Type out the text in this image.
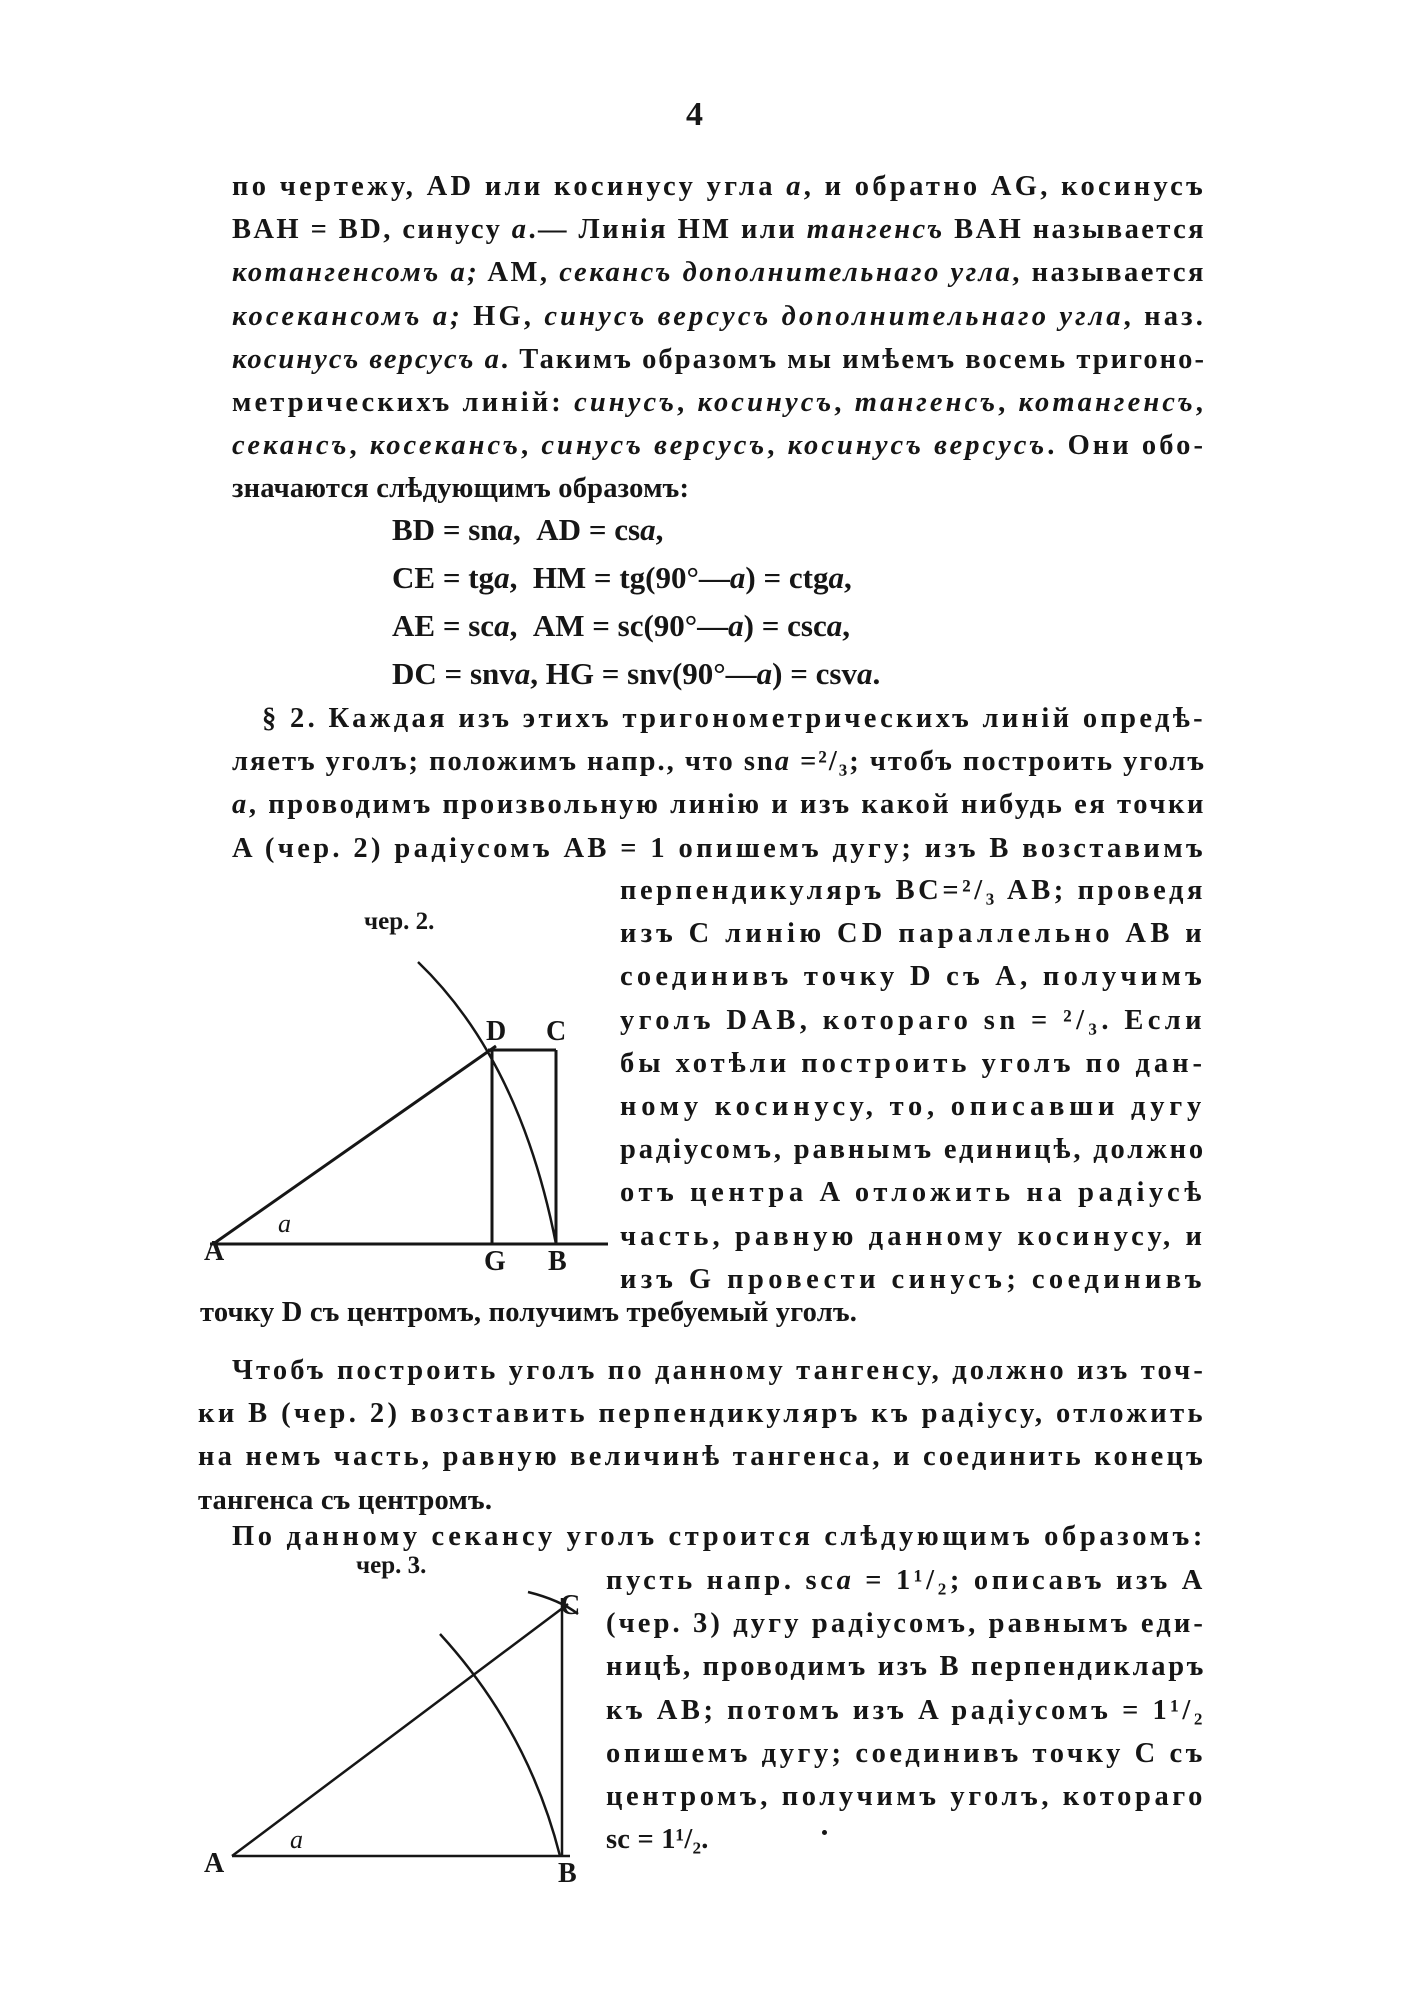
4
по чертежу, AD или косинусу угла a, и обратно AG, косинусъ
BAH = BD, синусу a.— Линія HM или тангенсъ BAH называется
котангенсомъ a; AM, секансъ дополнительнаго угла, называется
косекансомъ a; HG, синусъ версусъ дополнительнаго угла, наз.
косинусъ версусъ a. Такимъ образомъ мы имѣемъ восемь тригоно-
метрическихъ линій: синусъ, косинусъ, тангенсъ, котангенсъ,
секансъ, косекансъ, синусъ версусъ, косинусъ версусъ. Они обо-
значаются слѣдующимъ образомъ:
BD = sna,  AD = csa,
CE = tga,  HM = tg(90°—a) = ctga,
AE = sca,  AM = sc(90°—a) = csca,
DC = snva, HG = snv(90°—a) = csva.
§ 2. Каждая изъ этихъ тригонометрическихъ линій опредѣ-
ляетъ уголъ; положимъ напр., что sna =²/₃; чтобъ построить уголъ
a, проводимъ произвольную линію и изъ какой нибудь ея точки
A (чер. 2) радіусомъ AB = 1 опишемъ дугу; изъ B возставимъ
перпендикуляръ BC=²/₃ AB; проведя
изъ C линію CD параллельно AB и
соединивъ точку D съ A, получимъ
уголъ DAB, котораго sn = ²/₃. Если
бы хотѣли построить уголъ по дан-
ному косинусу, то, описавши дугу
радіусомъ, равнымъ единицѣ, должно
отъ центра A отложить на радіусѣ
часть, равную данному косинусу, и
изъ G провести синусъ; соединивъ
точку D съ центромъ, получимъ требуемый уголъ.
чер. 2.
A
a
G B
D C
чер. 3.
A
a
B
C
Чтобъ построить уголъ по данному тангенсу, должно изъ точ-
ки B (чер. 2) возставить перпендикуляръ къ радіусу, отложить
на немъ часть, равную величинѣ тангенса, и соединить конецъ
тангенса съ центромъ.
По данному секансу уголъ строится слѣдующимъ образомъ:
пусть напр. sca = 1¹/₂; описавъ изъ A
(чер. 3) дугу радіусомъ, равнымъ еди-
ницѣ, проводимъ изъ B перпендикларъ
къ AB; потомъ изъ A радіусомъ = 1¹/₂
опишемъ дугу; соединивъ точку C съ
центромъ, получимъ уголъ, котораго
sc = 1¹/₂.
